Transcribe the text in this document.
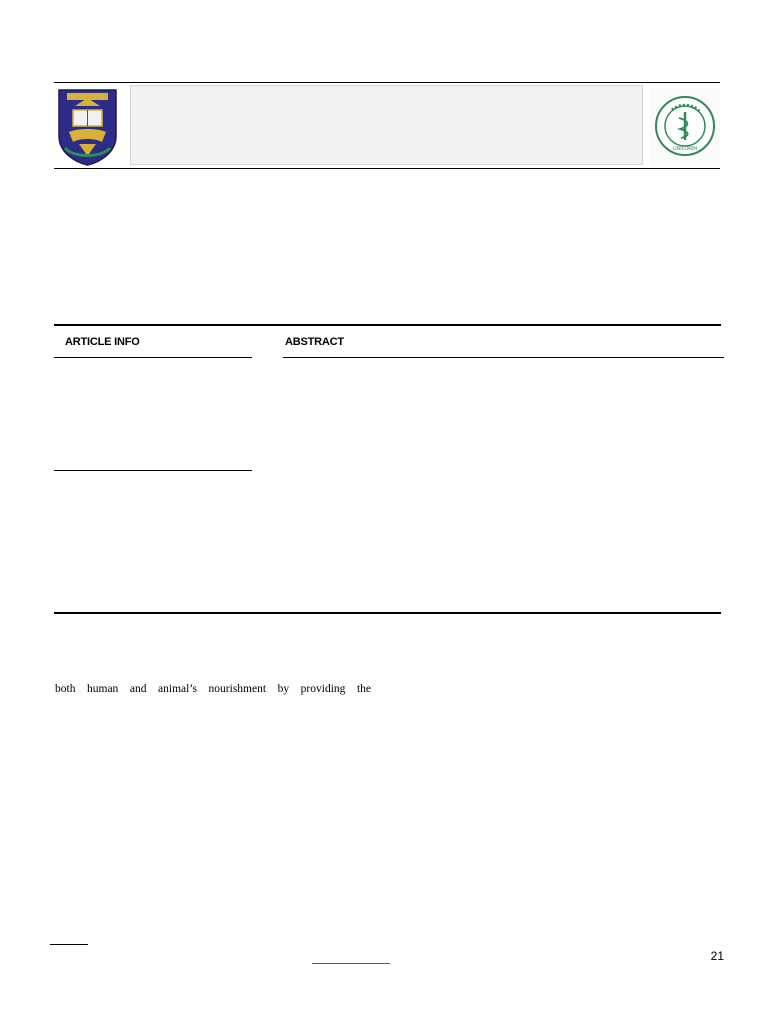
UNILORIN
ARTICLE INFO	ABSTRACT
both human and animal’s nourishment by providing the
21
